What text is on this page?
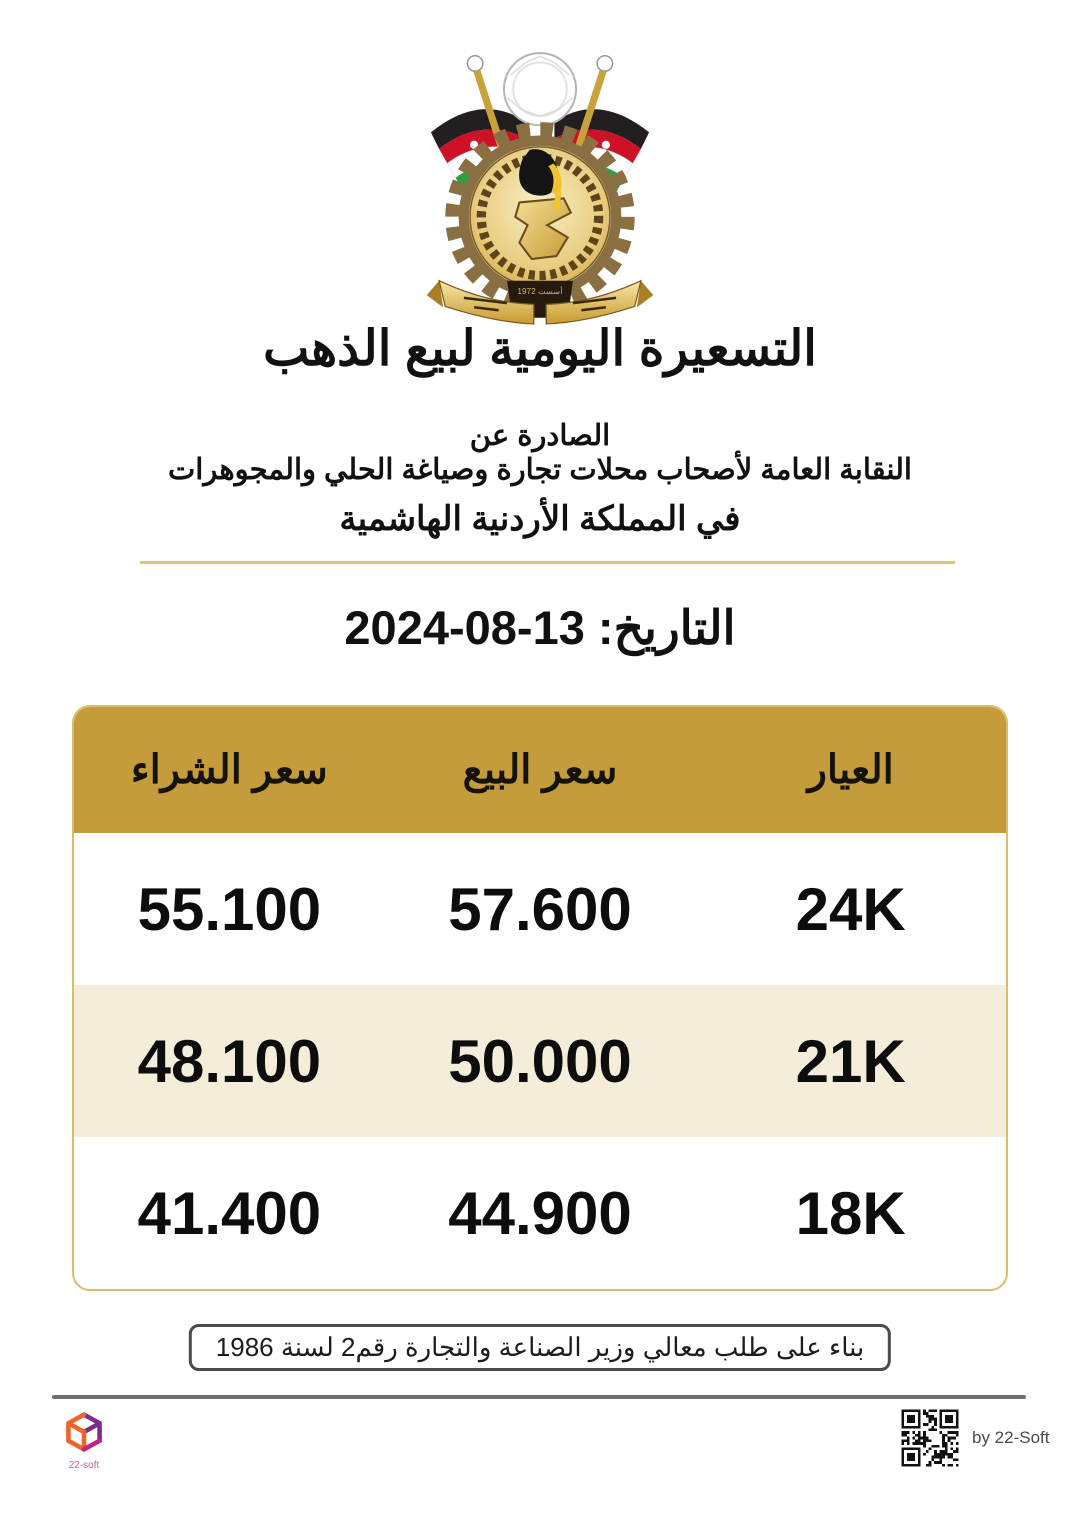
أسست 1972
التسعيرة اليومية لبيع الذهب
الصادرة عن
النقابة العامة لأصحاب محلات تجارة وصياغة الحلي والمجوهرات
في المملكة الأردنية الهاشمية
التاريخ: 13-08-2024
العيار
سعر البيع
سعر الشراء
24K
57.600
55.100
21K
50.000
48.100
18K
44.900
41.400
بناء على طلب معالي وزير الصناعة والتجارة رقم2 لسنة 1986
22-soft
by 22-Soft
